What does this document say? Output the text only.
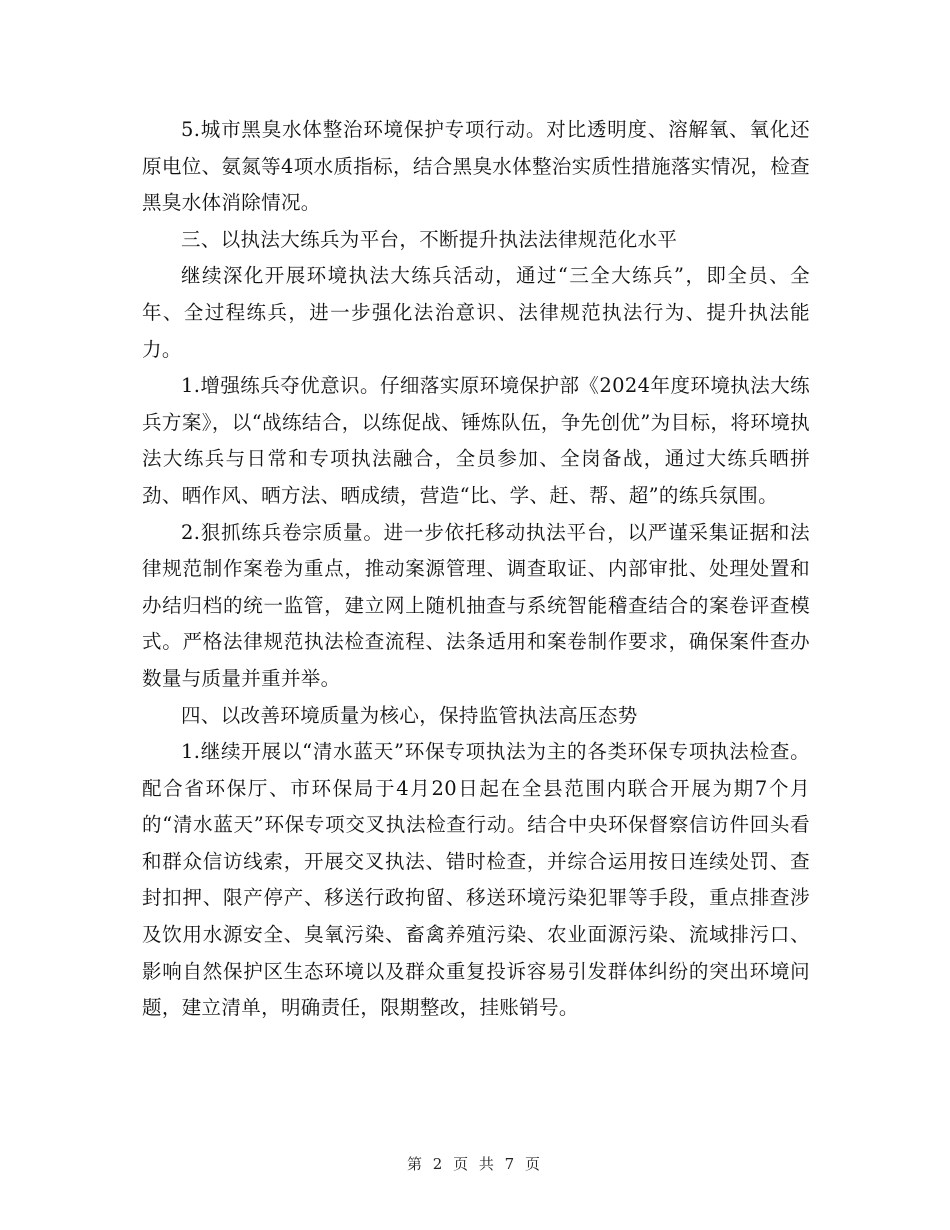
5.城市黑臭水体整治环境保护专项行动。对比透明度、溶解氧、氧化还原电位、氨氮等4项水质指标，结合黑臭水体整治实质性措施落实情况，检查黑臭水体消除情况。

三、以执法大练兵为平台，不断提升执法法律规范化水平

继续深化开展环境执法大练兵活动，通过“三全大练兵”，即全员、全年、全过程练兵，进一步强化法治意识、法律规范执法行为、提升执法能力。

1.增强练兵夺优意识。仔细落实原环境保护部《2024年度环境执法大练兵方案》，以“战练结合，以练促战、锤炼队伍，争先创优”为目标，将环境执法大练兵与日常和专项执法融合，全员参加、全岗备战，通过大练兵晒拼劲、晒作风、晒方法、晒成绩，营造“比、学、赶、帮、超”的练兵氛围。

2.狠抓练兵卷宗质量。进一步依托移动执法平台，以严谨采集证据和法律规范制作案卷为重点，推动案源管理、调查取证、内部审批、处理处置和办结归档的统一监管，建立网上随机抽查与系统智能稽查结合的案卷评查模式。严格法律规范执法检查流程、法条适用和案卷制作要求，确保案件查办数量与质量并重并举。

四、以改善环境质量为核心，保持监管执法高压态势

1.继续开展以“清水蓝天”环保专项执法为主的各类环保专项执法检查。配合省环保厅、市环保局于4月20日起在全县范围内联合开展为期7个月的“清水蓝天”环保专项交叉执法检查行动。结合中央环保督察信访件回头看和群众信访线索，开展交叉执法、错时检查，并综合运用按日连续处罚、查封扣押、限产停产、移送行政拘留、移送环境污染犯罪等手段，重点排查涉及饮用水源安全、臭氧污染、畜禽养殖污染、农业面源污染、流域排污口、影响自然保护区生态环境以及群众重复投诉容易引发群体纠纷的突出环境问题，建立清单，明确责任，限期整改，挂账销号。

第 2 页 共 7 页
